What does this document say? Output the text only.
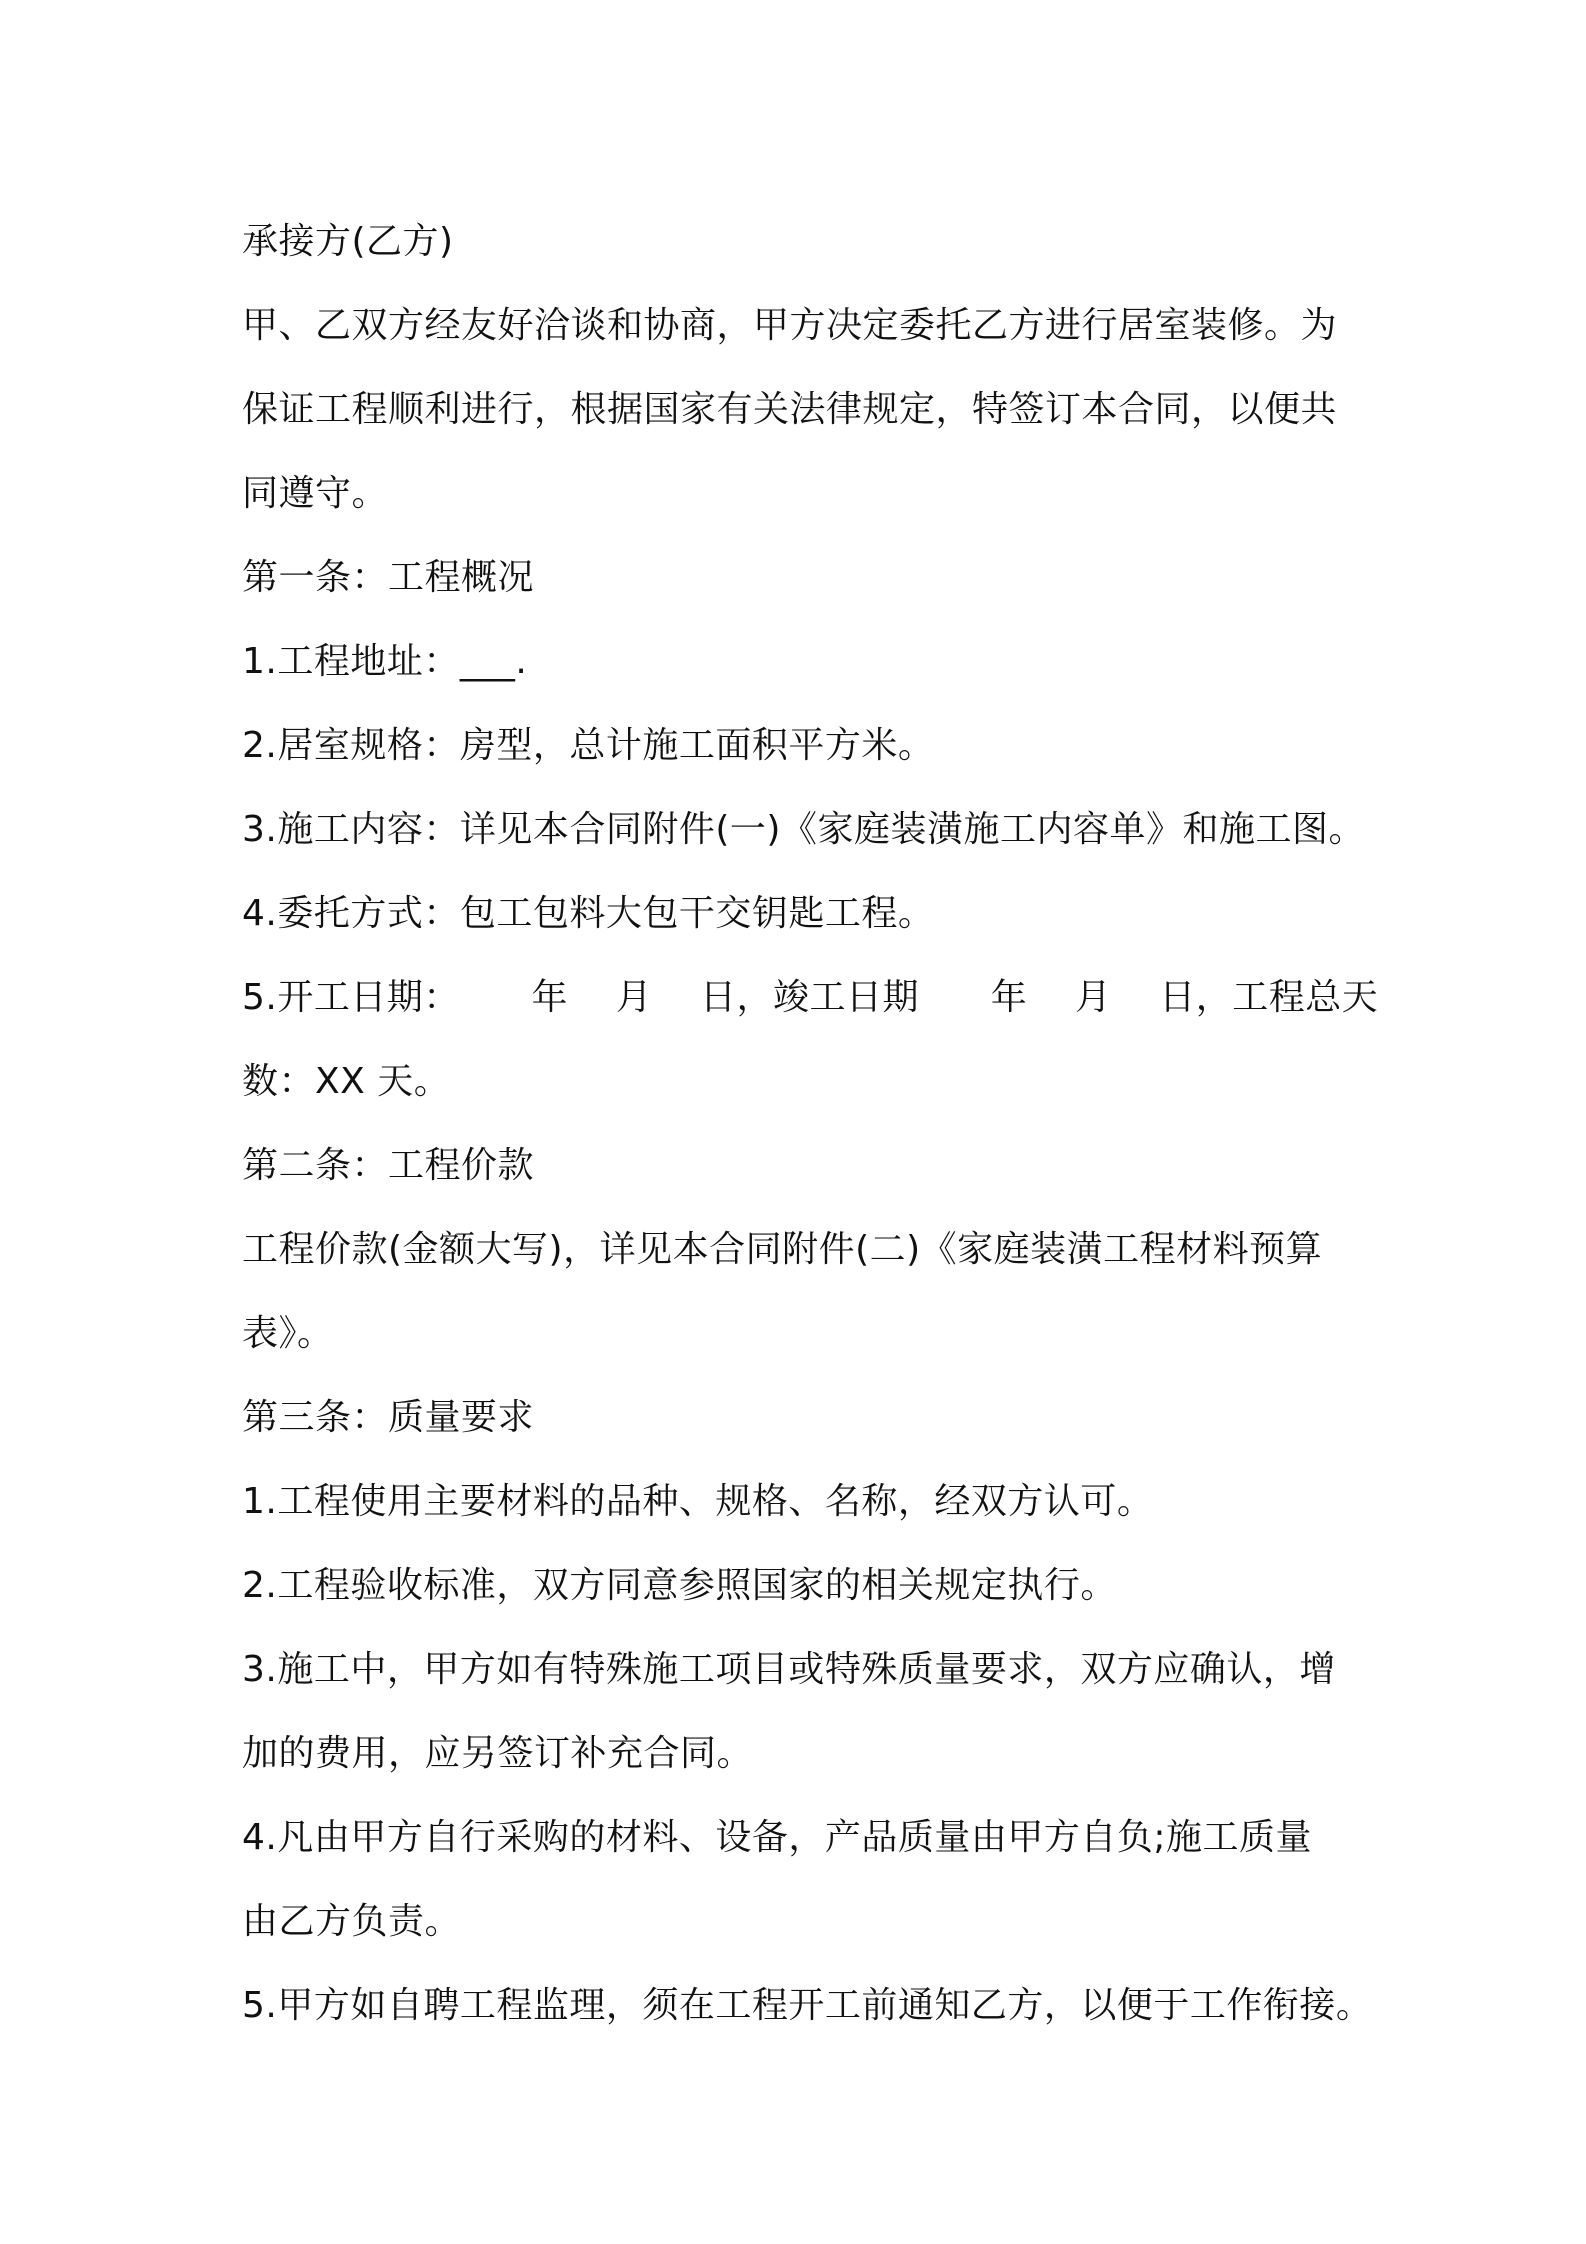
承接方(乙方)
甲、乙双方经友好洽谈和协商，甲方决定委托乙方进行居室装修。为
保证工程顺利进行，根据国家有关法律规定，特签订本合同，以便共
同遵守。
第一条：工程概况
1.工程地址：___.
2.居室规格：房型，总计施工面积平方米。
3.施工内容：详见本合同附件(一)《家庭装潢施工内容单》和施工图。
4.委托方式：包工包料大包干交钥匙工程。
5.开工日期：      年    月    日，竣工日期      年    月    日，工程总天
数：XX 天。
第二条：工程价款
工程价款(金额大写)，详见本合同附件(二)《家庭装潢工程材料预算
表》。
第三条：质量要求
1.工程使用主要材料的品种、规格、名称，经双方认可。
2.工程验收标准，双方同意参照国家的相关规定执行。
3.施工中，甲方如有特殊施工项目或特殊质量要求，双方应确认，增
加的费用，应另签订补充合同。
4.凡由甲方自行采购的材料、设备，产品质量由甲方自负;施工质量
由乙方负责。
5.甲方如自聘工程监理，须在工程开工前通知乙方，以便于工作衔接。
